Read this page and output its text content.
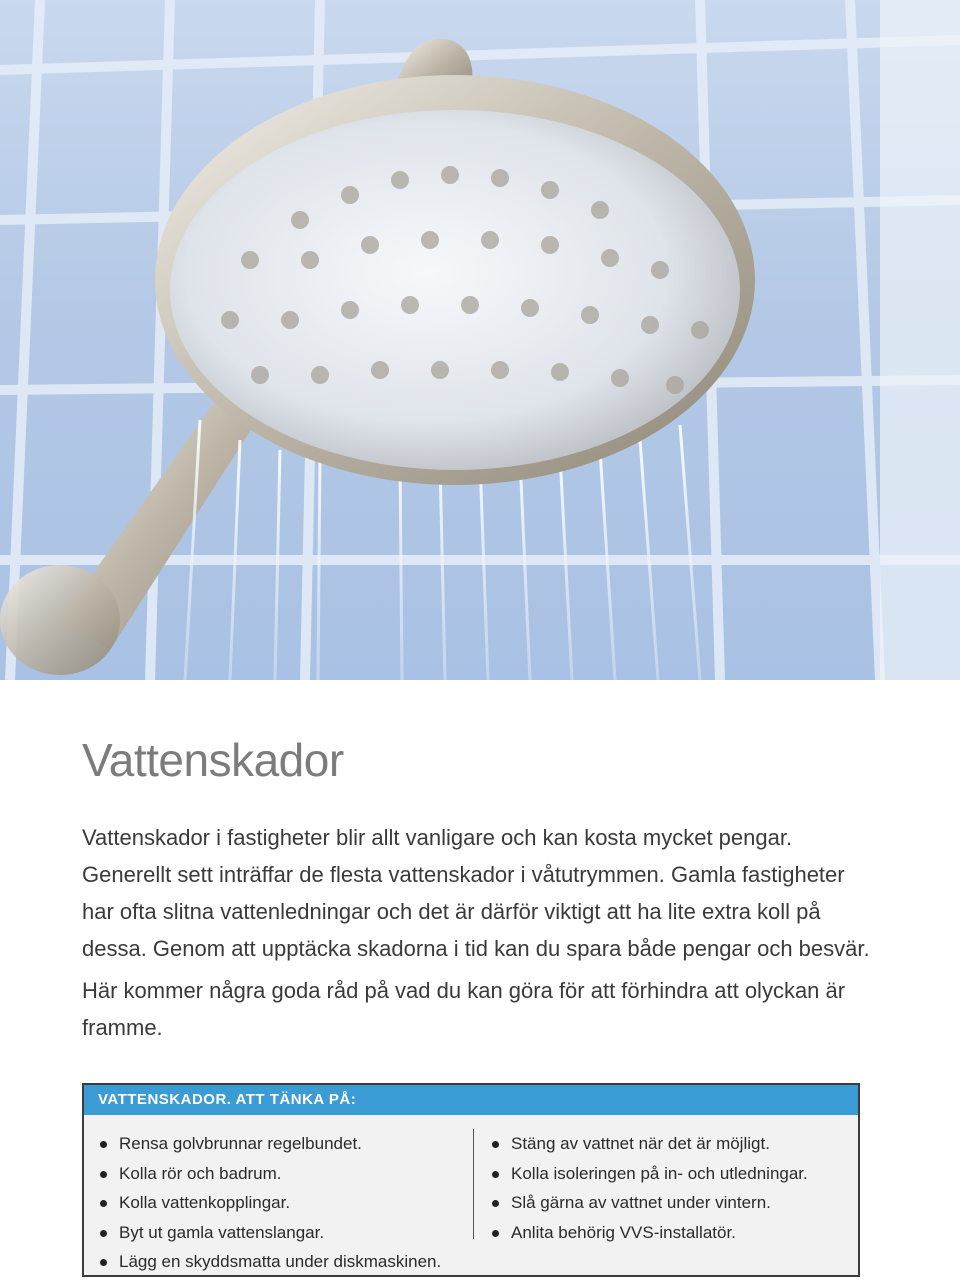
Vattenskador

Vattenskador i fastigheter blir allt vanligare och kan kosta mycket pengar. Generellt sett inträffar de flesta vattenskador i våtutrymmen. Gamla fastigheter har ofta slitna vattenledningar och det är därför viktigt att ha lite extra koll på dessa. Genom att upptäcka skadorna i tid kan du spara både pengar och besvär.

Här kommer några goda råd på vad du kan göra för att förhindra att olyckan är framme.

VATTENSKADOR. ATT TÄNKA PÅ:
Rensa golvbrunnar regelbundet.
Kolla rör och badrum.
Kolla vattenkopplingar.
Byt ut gamla vattenslangar.
Lägg en skyddsmatta under diskmaskinen.
Stäng av vattnet när det är möjligt.
Kolla isoleringen på in- och utledningar.
Slå gärna av vattnet under vintern.
Anlita behörig VVS-installatör.
